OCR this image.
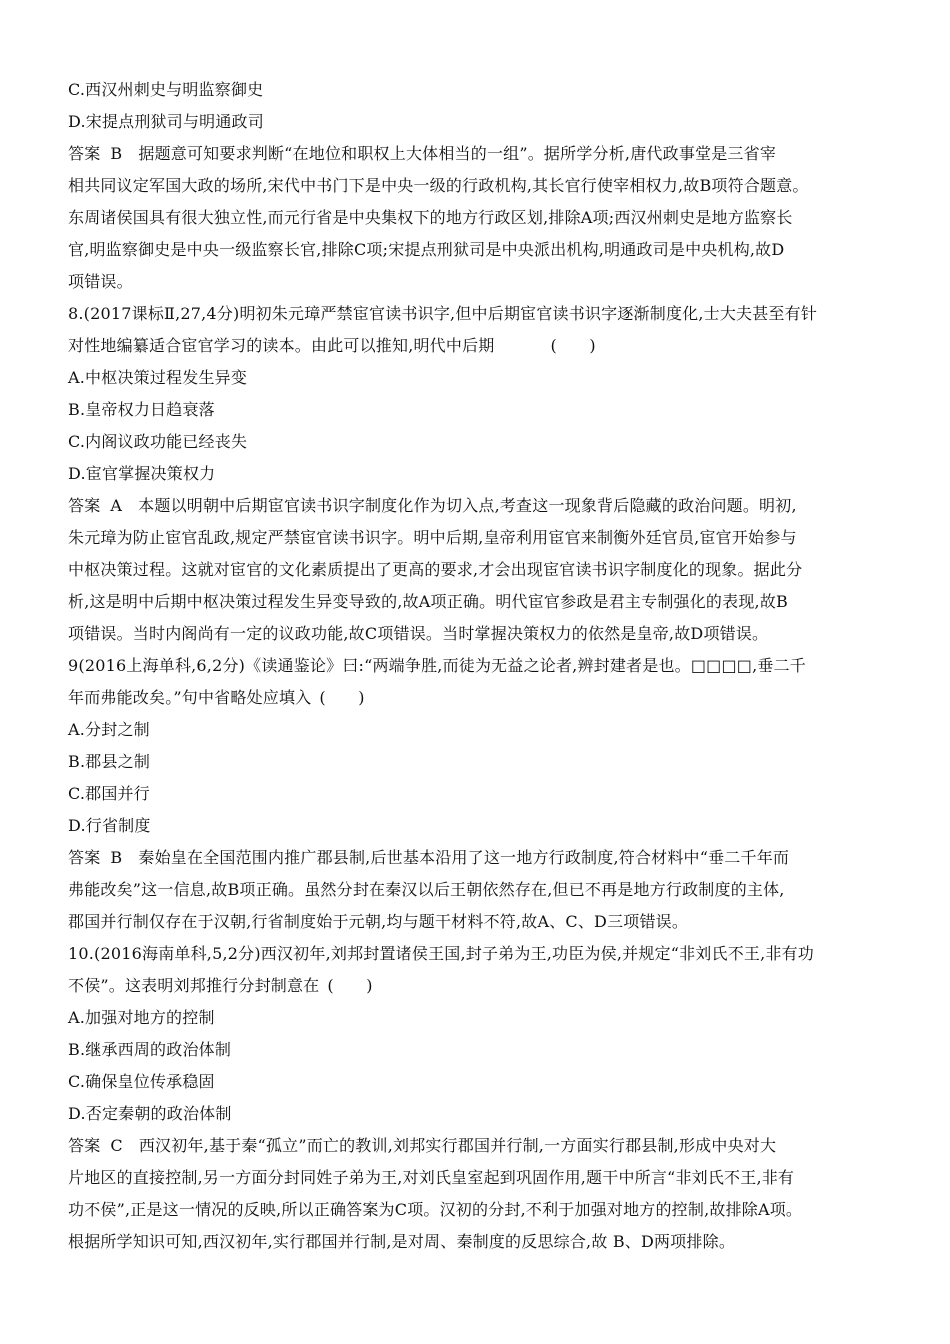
C.西汉州刺史与明监察御史
D.宋提点刑狱司与明通政司
答案 B 据题意可知要求判断“在地位和职权上大体相当的一组”。据所学分析,唐代政事堂是三省宰
相共同议定军国大政的场所,宋代中书门下是中央一级的行政机构,其长官行使宰相权力,故B项符合题意。
东周诸侯国具有很大独立性,而元行省是中央集权下的地方行政区划,排除A项;西汉州刺史是地方监察长
官,明监察御史是中央一级监察长官,排除C项;宋提点刑狱司是中央派出机构,明通政司是中央机构,故D
项错误。
8.(2017课标Ⅱ,27,4分)明初朱元璋严禁宦官读书识字,但中后期宦官读书识字逐渐制度化,士大夫甚至有针
对性地编纂适合宦官学习的读本。由此可以推知,明代中后期	(　　)
A.中枢决策过程发生异变
B.皇帝权力日趋衰落
C.内阁议政功能已经丧失
D.宦官掌握决策权力
答案 A 本题以明朝中后期宦官读书识字制度化作为切入点,考查这一现象背后隐藏的政治问题。明初,
朱元璋为防止宦官乱政,规定严禁宦官读书识字。明中后期,皇帝利用宦官来制衡外廷官员,宦官开始参与
中枢决策过程。这就对宦官的文化素质提出了更高的要求,才会出现宦官读书识字制度化的现象。据此分
析,这是明中后期中枢决策过程发生异变导致的,故A项正确。明代宦官参政是君主专制强化的表现,故B
项错误。当时内阁尚有一定的议政功能,故C项错误。当时掌握决策权力的依然是皇帝,故D项错误。
9(2016上海单科,6,2分)《读通鉴论》曰:“两端争胜,而徒为无益之论者,辨封建者是也。□□□□,垂二千
年而弗能改矣。”句中省略处应填入 (　　)
A.分封之制
B.郡县之制
C.郡国并行
D.行省制度
答案 B 秦始皇在全国范围内推广郡县制,后世基本沿用了这一地方行政制度,符合材料中“垂二千年而
弗能改矣”这一信息,故B项正确。虽然分封在秦汉以后王朝依然存在,但已不再是地方行政制度的主体,
郡国并行制仅存在于汉朝,行省制度始于元朝,均与题干材料不符,故A、C、D三项错误。
10.(2016海南单科,5,2分)西汉初年,刘邦封置诸侯王国,封子弟为王,功臣为侯,并规定“非刘氏不王,非有功
不侯”。这表明刘邦推行分封制意在 (　　)
A.加强对地方的控制
B.继承西周的政治体制
C.确保皇位传承稳固
D.否定秦朝的政治体制
答案 C 西汉初年,基于秦“孤立”而亡的教训,刘邦实行郡国并行制,一方面实行郡县制,形成中央对大
片地区的直接控制,另一方面分封同姓子弟为王,对刘氏皇室起到巩固作用,题干中所言“非刘氏不王,非有
功不侯”,正是这一情况的反映,所以正确答案为C项。汉初的分封,不利于加强对地方的控制,故排除A项。
根据所学知识可知,西汉初年,实行郡国并行制,是对周、秦制度的反思综合,故 B、D两项排除。
